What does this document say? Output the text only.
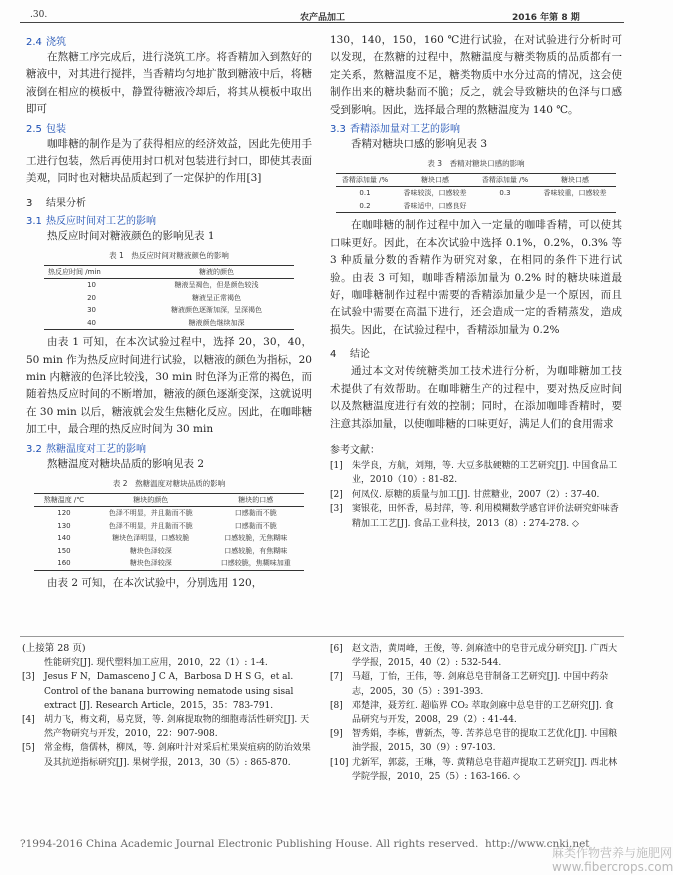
.30.	农产品加工	2016 年第 8 期
2.4 浇筑

在熬糖工序完成后，进行浇筑工序。将香精加入到熬好的糖液中，对其进行搅拌，当香精均匀地扩散到糖液中后，将糖液倒在相应的模板中，静置待糖液冷却后，将其从模板中取出即可

2.5 包装

咖啡糖的制作是为了获得相应的经济效益，因此先使用手工进行包装，然后再使用封口机对包装进行封口，即使其表面美观，同时也对糖块品质起到了一定保护的作用[3]

3 结果分析
3.1 热反应时间对工艺的影响

热反应时间对糖液颜色的影响见表 1

表 1　热反应时间对糖液颜色的影响
热反应时间 /min	糖液的颜色
10	糖液呈褐色，但是颜色较浅
20	糖液呈正常褐色
30	糖液颜色逐渐加深，呈深褐色
40	糖液颜色继续加深

由表 1 可知，在本次试验过程中，选择 20，30，40，50 min 作为热反应时间进行试验，以糖液的颜色为指标，20 min 内糖液的色泽比较浅，30 min 时色泽为正常的褐色，而随着热反应时间的不断增加，糖液的颜色逐渐变深，这就说明在 30 min 以后，糖液就会发生焦糖化反应。因此，在咖啡糖加工中，最合理的热反应时间为 30 min

3.2 熬糖温度对工艺的影响

熬糖温度对糖块品质的影响见表 2

表 2　熬糖温度对糖块品质的影响
熬糖温度 /℃	糖块的颜色	糖块的口感
120	色泽不明显，并且黏而不脆	口感黏而不脆
130	色泽不明显，并且黏而不脆	口感黏而不脆
140	糖块色泽明显，口感较脆	口感较脆，无焦糊味
150	糖块色泽较深	口感较脆，有焦糊味
160	糖块色泽较深	口感较脆，焦糊味加重

由表 2 可知，在本次试验中，分别选用 120，

130，140，150，160 ℃进行试验，在对试验进行分析时可以发现，在熬糖的过程中，熬糖温度与糖类物质的品质都有一定关系，熬糖温度不足，糖类物质中水分过高的情况，这会使制作出来的糖块黏而不脆；反之，就会导致糖块的色泽与口感受到影响。因此，选择最合理的熬糖温度为 140 ℃。

3.3 香精添加量对工艺的影响

香精对糖块口感的影响见表 3

表 3　香精对糖块口感的影响
香精添加量 /%	糖块口感	香精添加量 /%	糖块口感
0.1	香味较淡，口感较差	0.3	香味较重，口感较差
0.2	香味适中，口感良好		

在咖啡糖的制作过程中加入一定量的咖啡香精，可以使其口味更好。因此，在本次试验中选择 0.1%，0.2%，0.3% 等 3 种质量分数的香精作为研究对象，在相同的条件下进行试验。由表 3 可知，咖啡香精添加量为 0.2% 时的糖块味道最好，咖啡糖制作过程中需要的香精添加量少是一个原因，而且在试验中需要在高温下进行，还会造成一定的香精蒸发，造成损失。因此，在试验过程中，香精添加量为 0.2%

4 结论

通过本文对传统糖类加工技术进行分析，为咖啡糖加工技术提供了有效帮助。在咖啡糖生产的过程中，要对热反应时间以及熬糖温度进行有效的控制；同时，在添加咖啡香精时，要注意其添加量，以使咖啡糖的口味更好，满足人们的食用需求

参考文献：
[1]	朱学良，方航，刘翔，等. 大豆多肽硬糖的工艺研究[J]. 中国食品工业，2010（10）: 81-82.
[2]	何凤仪. 原糖的质量与加工[J]. 甘蔗糖业，2007（2）: 37-40.
[3]	窦银花，田怀香，易封萍，等. 利用模糊数学感官评价法研究虾味香精加工工艺[J]. 食品工业科技，2013（8）: 274-278. ◇
(上接第 28 页)
性能研究[J]. 现代塑料加工应用，2010，22（1）: 1-4.
[3]	Jesus F N，Damasceno J C A，Barbosa D H S G，et al. Control of the banana burrowing nematode using sisal extract [J]. Research Article，2015，35：783-791.
[4]	胡力飞，梅文莉，易克贤，等. 剑麻提取物的细胞毒活性研究[J]. 天然产物研究与开发，2010，22：907-908.
[5]	常金梅，詹儒林，柳凤，等. 剑麻叶汁对采后杧果炭疽病的防治效果及其抗逆指标研究[J]. 果树学报，2013，30（5）: 865-870.
[6]	赵文浩，黄周峰，王俊，等. 剑麻渣中的皂苷元成分研究[J]. 广西大学学报，2015，40（2）: 532-544.
[7]	马超，丁怡，王伟，等. 剑麻总皂苷制备工艺研究[J]. 中国中药杂志，2005，30（5）: 391-393.
[8]	邓楚津，聂芳红. 超临界 CO₂ 萃取剑麻中总皂苷的工艺研究[J]. 食品研究与开发，2008，29（2）: 41-44.
[9]	智秀娟，李栋，曹新杰，等. 苦荞总皂苷的提取工艺优化[J]. 中国粮油学报，2015，30（9）: 97-103.
[10] 尤新军，郭蕊，王琳，等. 黄精总皂苷超声提取工艺研究[J]. 西北林学院学报，2010，25（5）: 163-166. ◇
?1994-2016 China Academic Journal Electronic Publishing House. All rights reserved. http://www.cnki.net
麻类作物营养与施肥网
www.fibercrops.com
